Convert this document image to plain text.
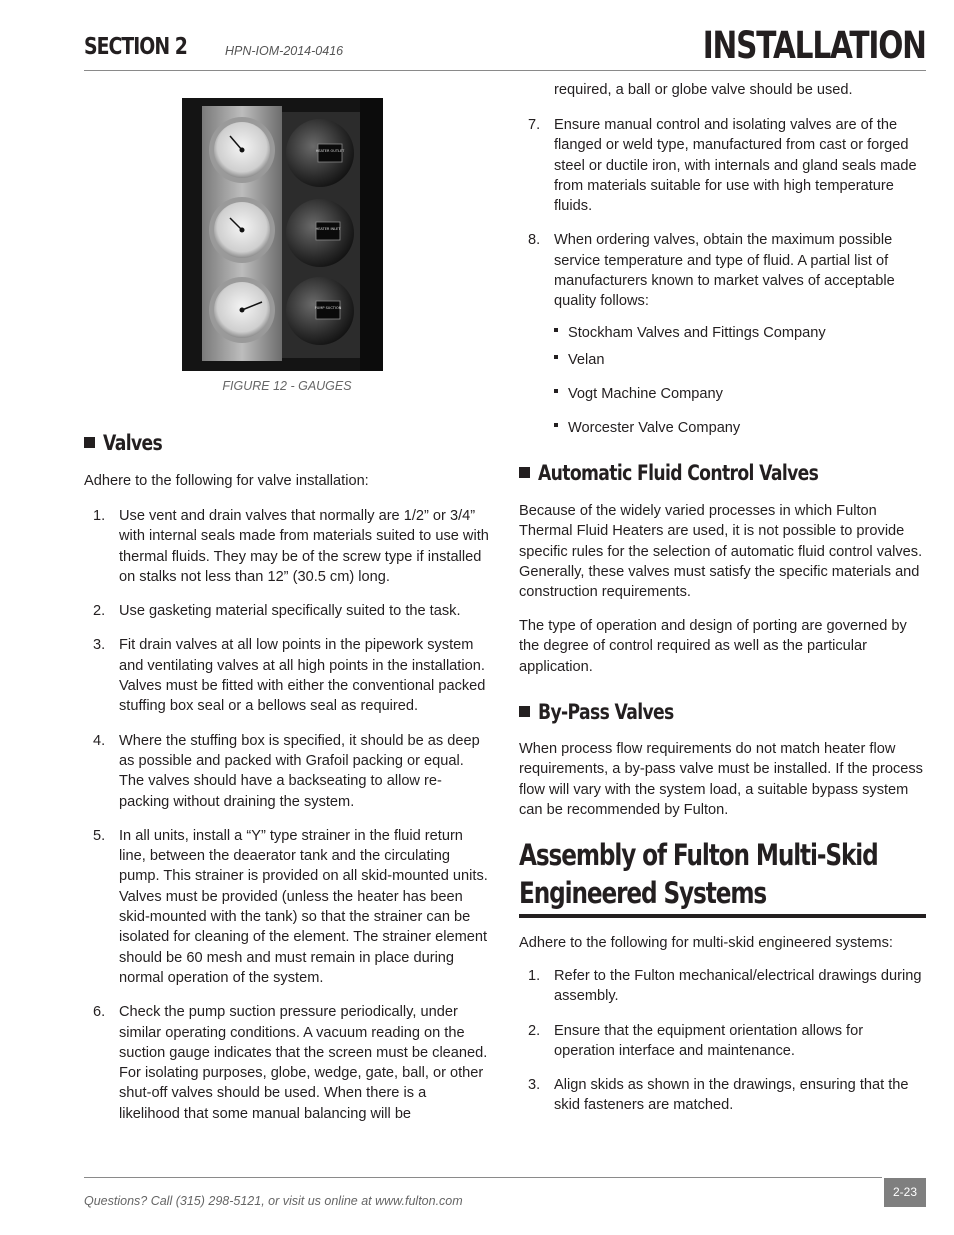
SECTION 2	HPN-IOM-2014-0416	INSTALLATION
HEATER OUTLET
HEATER INLET
PUMP SUCTION
FIGURE 12 - GAUGES
Valves

Adhere to the following for valve installation:

1. Use vent and drain valves that normally are 1/2” or 3/4” with internal seals made from materials suited to use with thermal fluids. They may be of the screw type if installed on stalks not less than 12” (30.5 cm) long.
2. Use gasketing material specifically suited to the task.
3. Fit drain valves at all low points in the pipework system and ventilating valves at all high points in the installation. Valves must be fitted with either the conventional packed stuffing box seal or a bellows seal as required.
4. Where the stuffing box is specified, it should be as deep as possible and packed with Grafoil packing or equal. The valves should have a backseating to allow re-packing without draining the system.
5. In all units, install a “Y” type strainer in the fluid return line, between the deaerator tank and the circulating pump. This strainer is provided on all skid-mounted units. Valves must be provided (unless the heater has been skid-mounted with the tank) so that the strainer can be isolated for cleaning of the element. The strainer element should be 60 mesh and must remain in place during normal operation of the system.
6. Check the pump suction pressure periodically, under similar operating conditions. A vacuum reading on the suction gauge indicates that the screen must be cleaned. For isolating purposes, globe, wedge, gate, ball, or other shut-off valves should be used. When there is a likelihood that some manual balancing will be

required, a ball or globe valve should be used.

7. Ensure manual control and isolating valves are of the flanged or weld type, manufactured from cast or forged steel or ductile iron, with internals and gland seals made from materials suitable for use with high temperature fluids.
8. When ordering valves, obtain the maximum possible service temperature and type of fluid. A partial list of manufacturers known to market valves of acceptable quality follows:
Stockham Valves and Fittings Company
Velan
Vogt Machine Company
Worcester Valve Company
Automatic Fluid Control Valves

Because of the widely varied processes in which Fulton Thermal Fluid Heaters are used, it is not possible to provide specific rules for the selection of automatic fluid control valves. Generally, these valves must satisfy the specific materials and construction requirements.

The type of operation and design of porting are governed by the degree of control required as well as the particular application.

By-Pass Valves

When process flow requirements do not match heater flow requirements, a by-pass valve must be installed. If the process flow will vary with the system load, a suitable bypass system can be recommended by Fulton.

Assembly of Fulton Multi-Skid
Engineered Systems

Adhere to the following for multi-skid engineered systems:

1. Refer to the Fulton mechanical/electrical drawings during assembly.
2. Ensure that the equipment orientation allows for operation interface and maintenance.
3. Align skids as shown in the drawings, ensuring that the skid fasteners are matched.
Questions? Call (315) 298-5121, or visit us online at www.fulton.com
2-23
